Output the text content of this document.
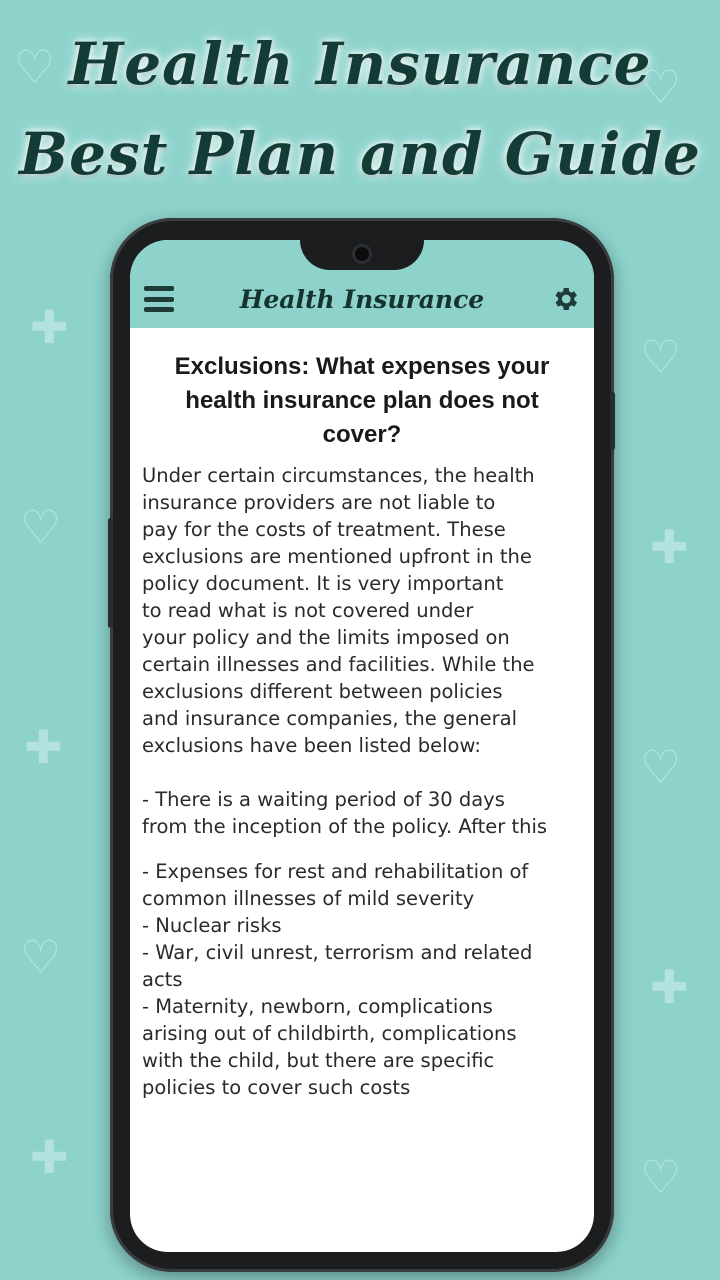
♡	♡
✚
♡
♡	✚
✚	♡
♡
✚
✚	♡
Health Insurance
Best Plan and Guide
Health Insurance
Exclusions: What expenses your health insurance plan does not cover?

Under certain circumstances, the health
insurance providers are not liable to
pay for the costs of treatment. These
exclusions are mentioned upfront in the
policy document. It is very important
to read what is not covered under
your policy and the limits imposed on
certain illnesses and facilities. While the
exclusions different between policies
and insurance companies, the general
exclusions have been listed below:

- There is a waiting period of 30 days
from the inception of the policy. After this

- Expenses for rest and rehabilitation of
common illnesses of mild severity
- Nuclear risks
- War, civil unrest, terrorism and related
acts
- Maternity, newborn, complications
arising out of childbirth, complications
with the child, but there are specific
policies to cover such costs
